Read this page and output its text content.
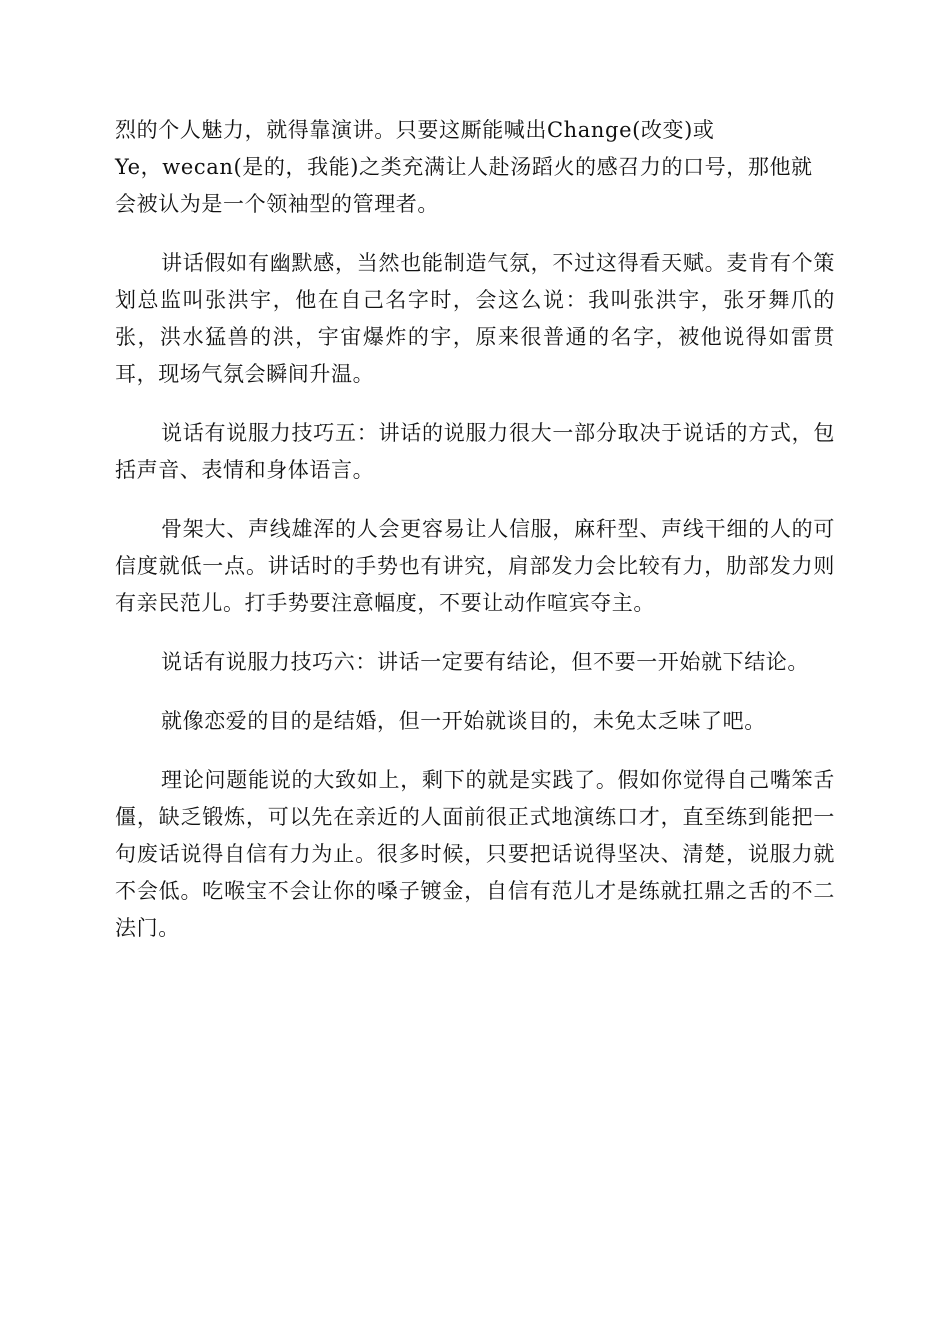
烈的个人魅力，就得靠演讲。只要这厮能喊出Change(改变)或
Ye，wecan(是的，我能)之类充满让人赴汤蹈火的感召力的口号，那他就
会被认为是一个领袖型的管理者。

讲话假如有幽默感，当然也能制造气氛，不过这得看天赋。麦肯有个策划总监叫张洪宇，他在自己名字时，会这么说：我叫张洪宇，张牙舞爪的张，洪水猛兽的洪，宇宙爆炸的宇，原来很普通的名字，被他说得如雷贯耳，现场气氛会瞬间升温。

说话有说服力技巧五：讲话的说服力很大一部分取决于说话的方式，包括声音、表情和身体语言。

骨架大、声线雄浑的人会更容易让人信服，麻秆型、声线干细的人的可信度就低一点。讲话时的手势也有讲究，肩部发力会比较有力，肋部发力则有亲民范儿。打手势要注意幅度，不要让动作喧宾夺主。

说话有说服力技巧六：讲话一定要有结论，但不要一开始就下结论。

就像恋爱的目的是结婚，但一开始就谈目的，未免太乏味了吧。

理论问题能说的大致如上，剩下的就是实践了。假如你觉得自己嘴笨舌僵，缺乏锻炼，可以先在亲近的人面前很正式地演练口才，直至练到能把一句废话说得自信有力为止。很多时候，只要把话说得坚决、清楚，说服力就不会低。吃喉宝不会让你的嗓子镀金，自信有范儿才是练就扛鼎之舌的不二法门。
